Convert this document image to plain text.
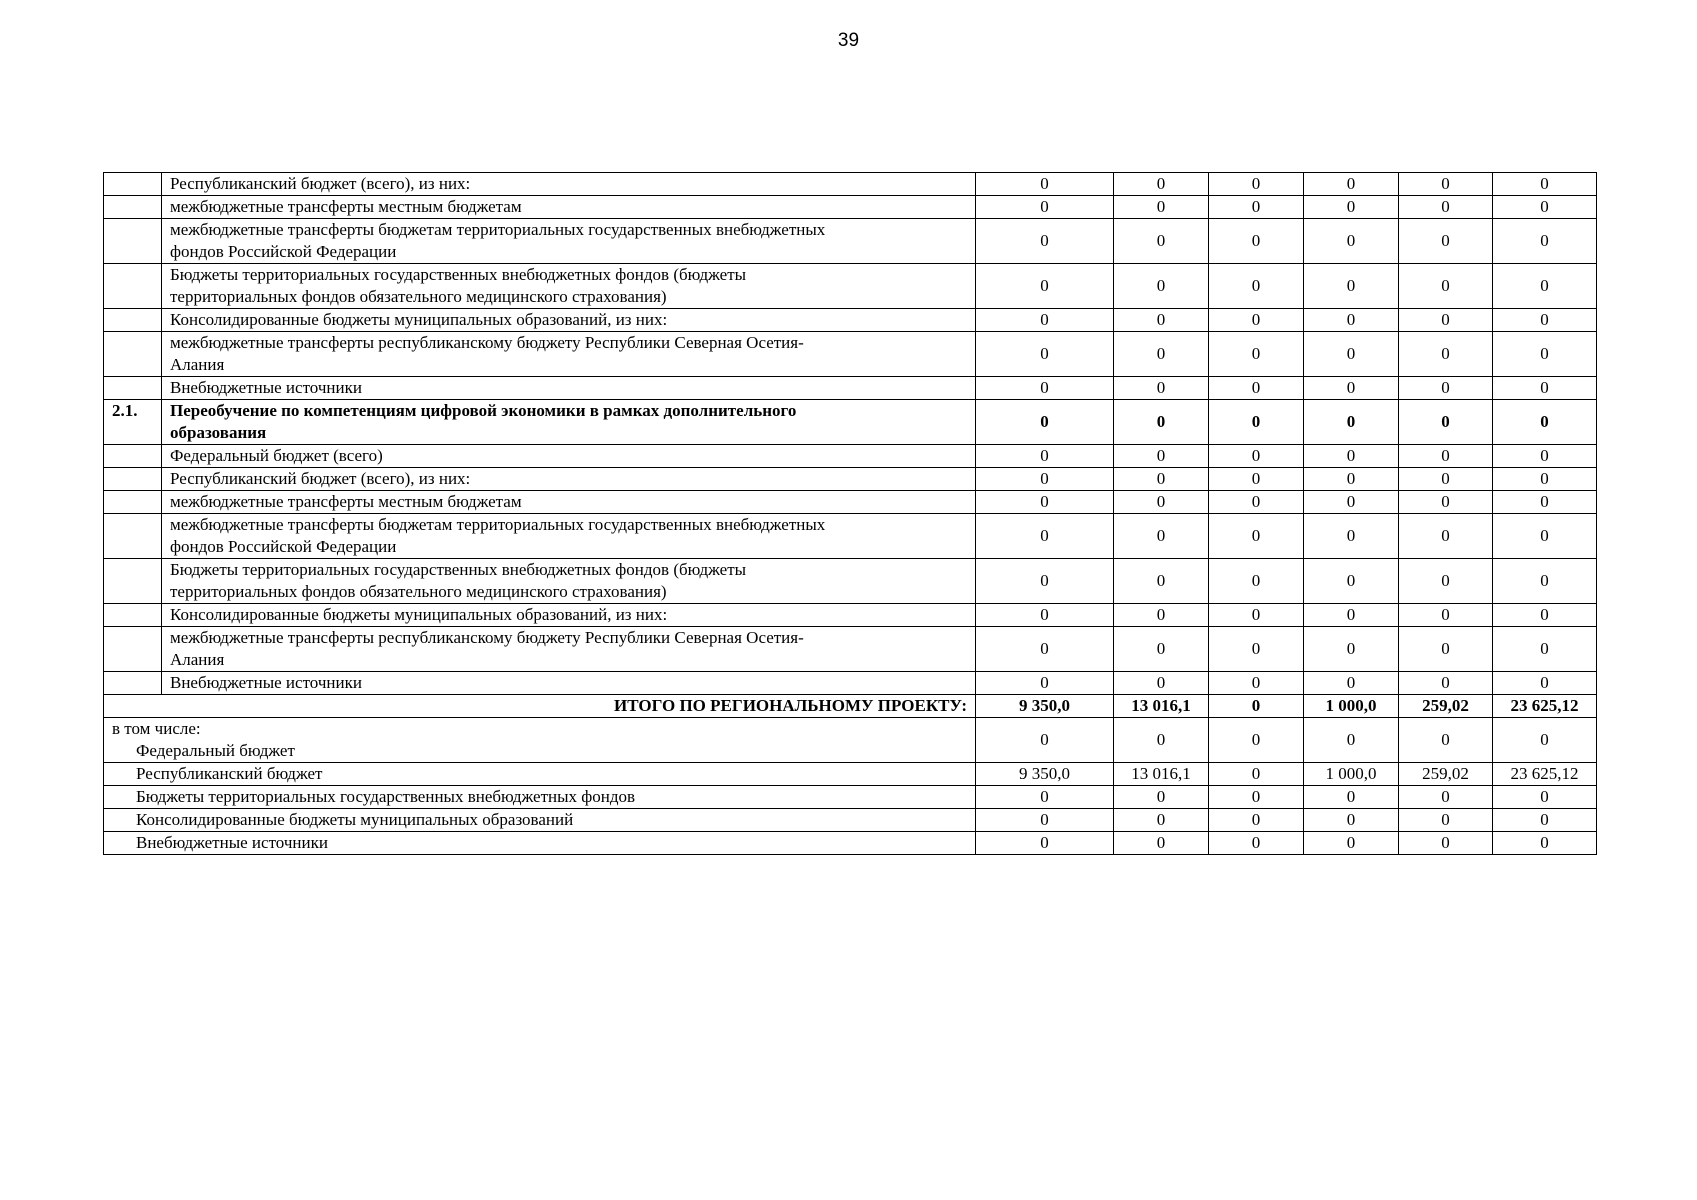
39
	Республиканский бюджет (всего), из них:	0	0	0	0	0	0
	межбюджетные трансферты местным бюджетам	0	0	0	0	0	0

	межбюджетные трансферты бюджетам территориальных государственных внебюджетных
фондов Российской Федерации	0	0	0	0	0	0

	Бюджеты территориальных государственных внебюджетных фондов (бюджеты
территориальных фондов обязательного медицинского страхования)	0	0	0	0	0	0
	Консолидированные бюджеты муниципальных образований, из них:	0	0	0	0	0	0

	межбюджетные трансферты республиканскому бюджету Республики Северная Осетия-
Алания	0	0	0	0	0	0
	Внебюджетные источники	0	0	0	0	0	0
2.1.	Переобучение по компетенциям цифровой экономики в рамках дополнительного
образования	0	0	0	0	0	0
	Федеральный бюджет (всего)	0	0	0	0	0	0
	Республиканский бюджет (всего), из них:	0	0	0	0	0	0
	межбюджетные трансферты местным бюджетам	0	0	0	0	0	0

	межбюджетные трансферты бюджетам территориальных государственных внебюджетных
фондов Российской Федерации	0	0	0	0	0	0

	Бюджеты территориальных государственных внебюджетных фондов (бюджеты
территориальных фондов обязательного медицинского страхования)	0	0	0	0	0	0
	Консолидированные бюджеты муниципальных образований, из них:	0	0	0	0	0	0

	межбюджетные трансферты республиканскому бюджету Республики Северная Осетия-
Алания	0	0	0	0	0	0
	Внебюджетные источники	0	0	0	0	0	0
ИТОГО ПО РЕГИОНАЛЬНОМУ ПРОЕКТУ:		9 350,0	13 016,1	0	1 000,0	259,02	23 625,12

в том числе:
Федеральный бюджет		0	0	0	0	0	0

Республиканский бюджет		9 350,0	13 016,1	0	1 000,0	259,02	23 625,12

Бюджеты территориальных государственных внебюджетных фондов		0	0	0	0	0	0

Консолидированные бюджеты муниципальных образований		0	0	0	0	0	0

Внебюджетные источники		0	0	0	0	0	0
